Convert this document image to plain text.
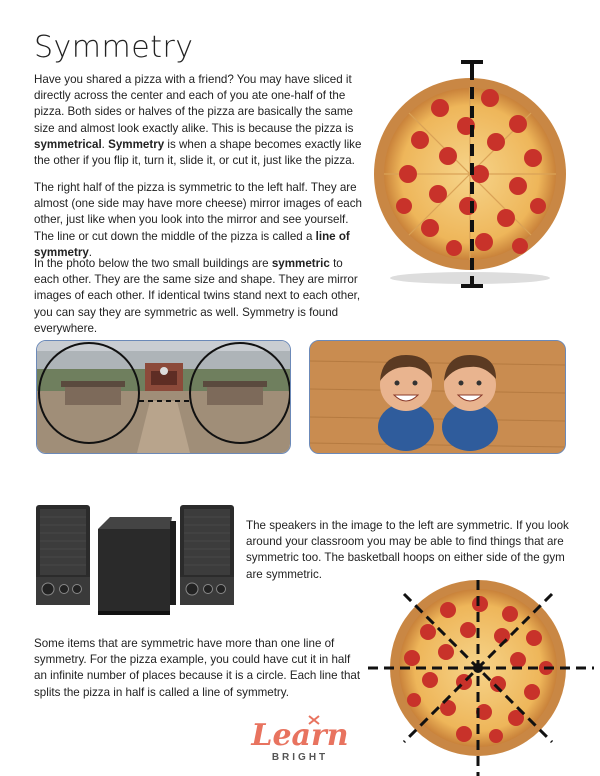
Symmetry

Have you shared a pizza with a friend? You may have sliced it directly across the center and each of you ate one-half of the pizza. Both sides or halves of the pizza are basically the same size and almost look exactly alike. This is because the pizza is symmetrical. Symmetry is when a shape becomes exactly like the other if you flip it, turn it, slide it, or cut it, just like the pizza.

The right half of the pizza is symmetric to the left half. They are almost (one side may have more cheese) mirror images of each other, just like when you look into the mirror and see yourself. The line or cut down the middle of the pizza is called a line of symmetry.

In the photo below the two small buildings are symmetric to each other. They are the same size and shape. They are mirror images of each other. If identical twins stand next to each other, you can say they are symmetric as well. Symmetry is found everywhere.

The speakers in the image to the left are symmetric. If you look around your classroom you may be able to find things that are symmetric too. The basketball hoops on either side of the gym are symmetric.

Some items that are symmetric have more than one line of symmetry. For the pizza example, you could have cut it in half an infinite number of places because it is a circle. Each line that splits the pizza in half is called a line of symmetry.

Learn
BRIGHT
